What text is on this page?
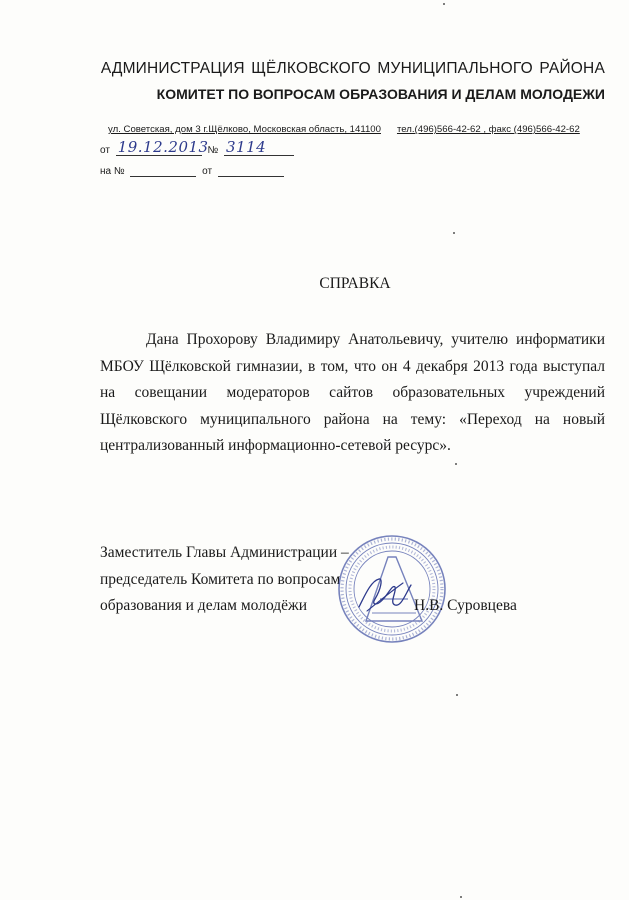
АДМИНИСТРАЦИЯ ЩЁЛКОВСКОГО МУНИЦИПАЛЬНОГО РАЙОНА
КОМИТЕТ ПО ВОПРОСАМ ОБРАЗОВАНИЯ И ДЕЛАМ МОЛОДЕЖИ
ул. Советская, дом 3 г.Щёлково, Московская область, 141100 тел.(496)566-42-62 , факс (496)566-42-62
от 19.12.2013
№ 3114
на №	от
СПРАВКА

Дана Прохорову Владимиру Анатольевичу, учителю информатики МБОУ Щёлковской гимназии, в том, что он 4 декабря 2013 года выступал на совещании модераторов сайтов образовательных учреждений Щёлковского муниципального района на тему: «Переход на новый централизованный информационно-сетевой ресурс».

Заместитель Главы Администрации –
председатель Комитета по вопросам
образования и делам молодёжи	Н.В. Суровцева
